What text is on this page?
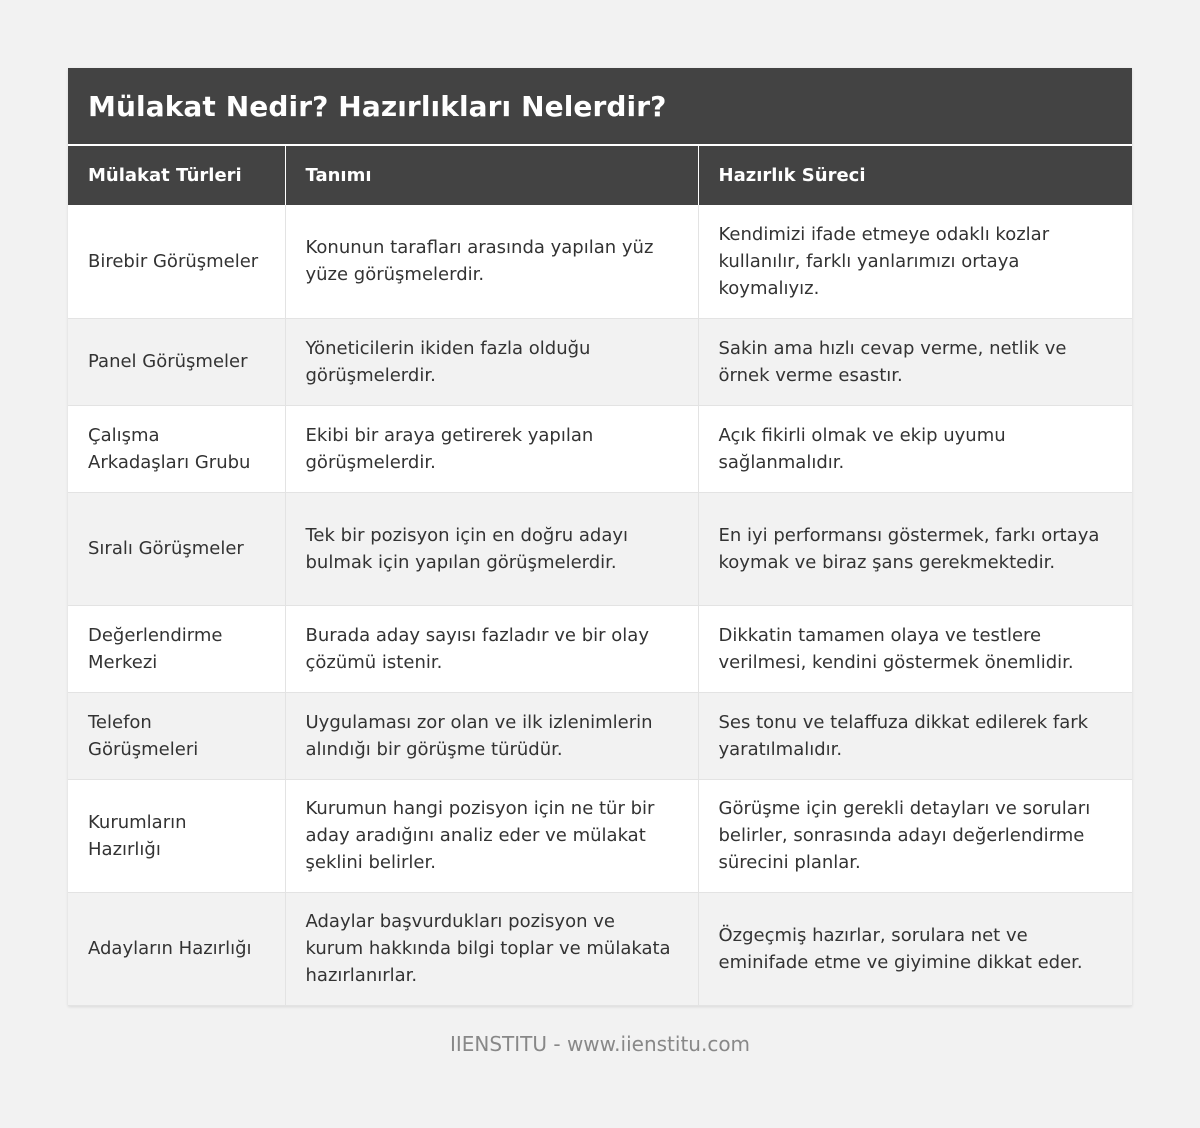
Mülakat Nedir? Hazırlıkları Nelerdir?
Mülakat Türleri	Tanımı	Hazırlık Süreci
Birebir Görüşmeler	Konunun tarafları arasında yapılan yüz yüze görüşmelerdir.	Kendimizi ifade etmeye odaklı kozlar kullanılır, farklı yanlarımızı ortaya koymalıyız.
Panel Görüşmeler	Yöneticilerin ikiden fazla olduğu görüşmelerdir.	Sakin ama hızlı cevap verme, netlik ve örnek verme esastır.
Çalışma Arkadaşları Grubu	Ekibi bir araya getirerek yapılan görüşmelerdir.	Açık fikirli olmak ve ekip uyumu sağlanmalıdır.
Sıralı Görüşmeler	Tek bir pozisyon için en doğru adayı bulmak için yapılan görüşmelerdir.	En iyi performansı göstermek, farkı ortaya koymak ve biraz şans gerekmektedir.
Değerlendirme Merkezi	Burada aday sayısı fazladır ve bir olay çözümü istenir.	Dikkatin tamamen olaya ve testlere verilmesi, kendini göstermek önemlidir.
Telefon Görüşmeleri	Uygulaması zor olan ve ilk izlenimlerin alındığı bir görüşme türüdür.	Ses tonu ve telaffuza dikkat edilerek fark yaratılmalıdır.
Kurumların Hazırlığı	Kurumun hangi pozisyon için ne tür bir aday aradığını analiz eder ve mülakat şeklini belirler.	Görüşme için gerekli detayları ve soruları belirler, sonrasında adayı değerlendirme sürecini planlar.
Adayların Hazırlığı	Adaylar başvurdukları pozisyon ve kurum hakkında bilgi toplar ve mülakata hazırlanırlar.	Özgeçmiş hazırlar, sorulara net ve eminifade etme ve giyimine dikkat eder.
IIENSTITU - www.iienstitu.com
